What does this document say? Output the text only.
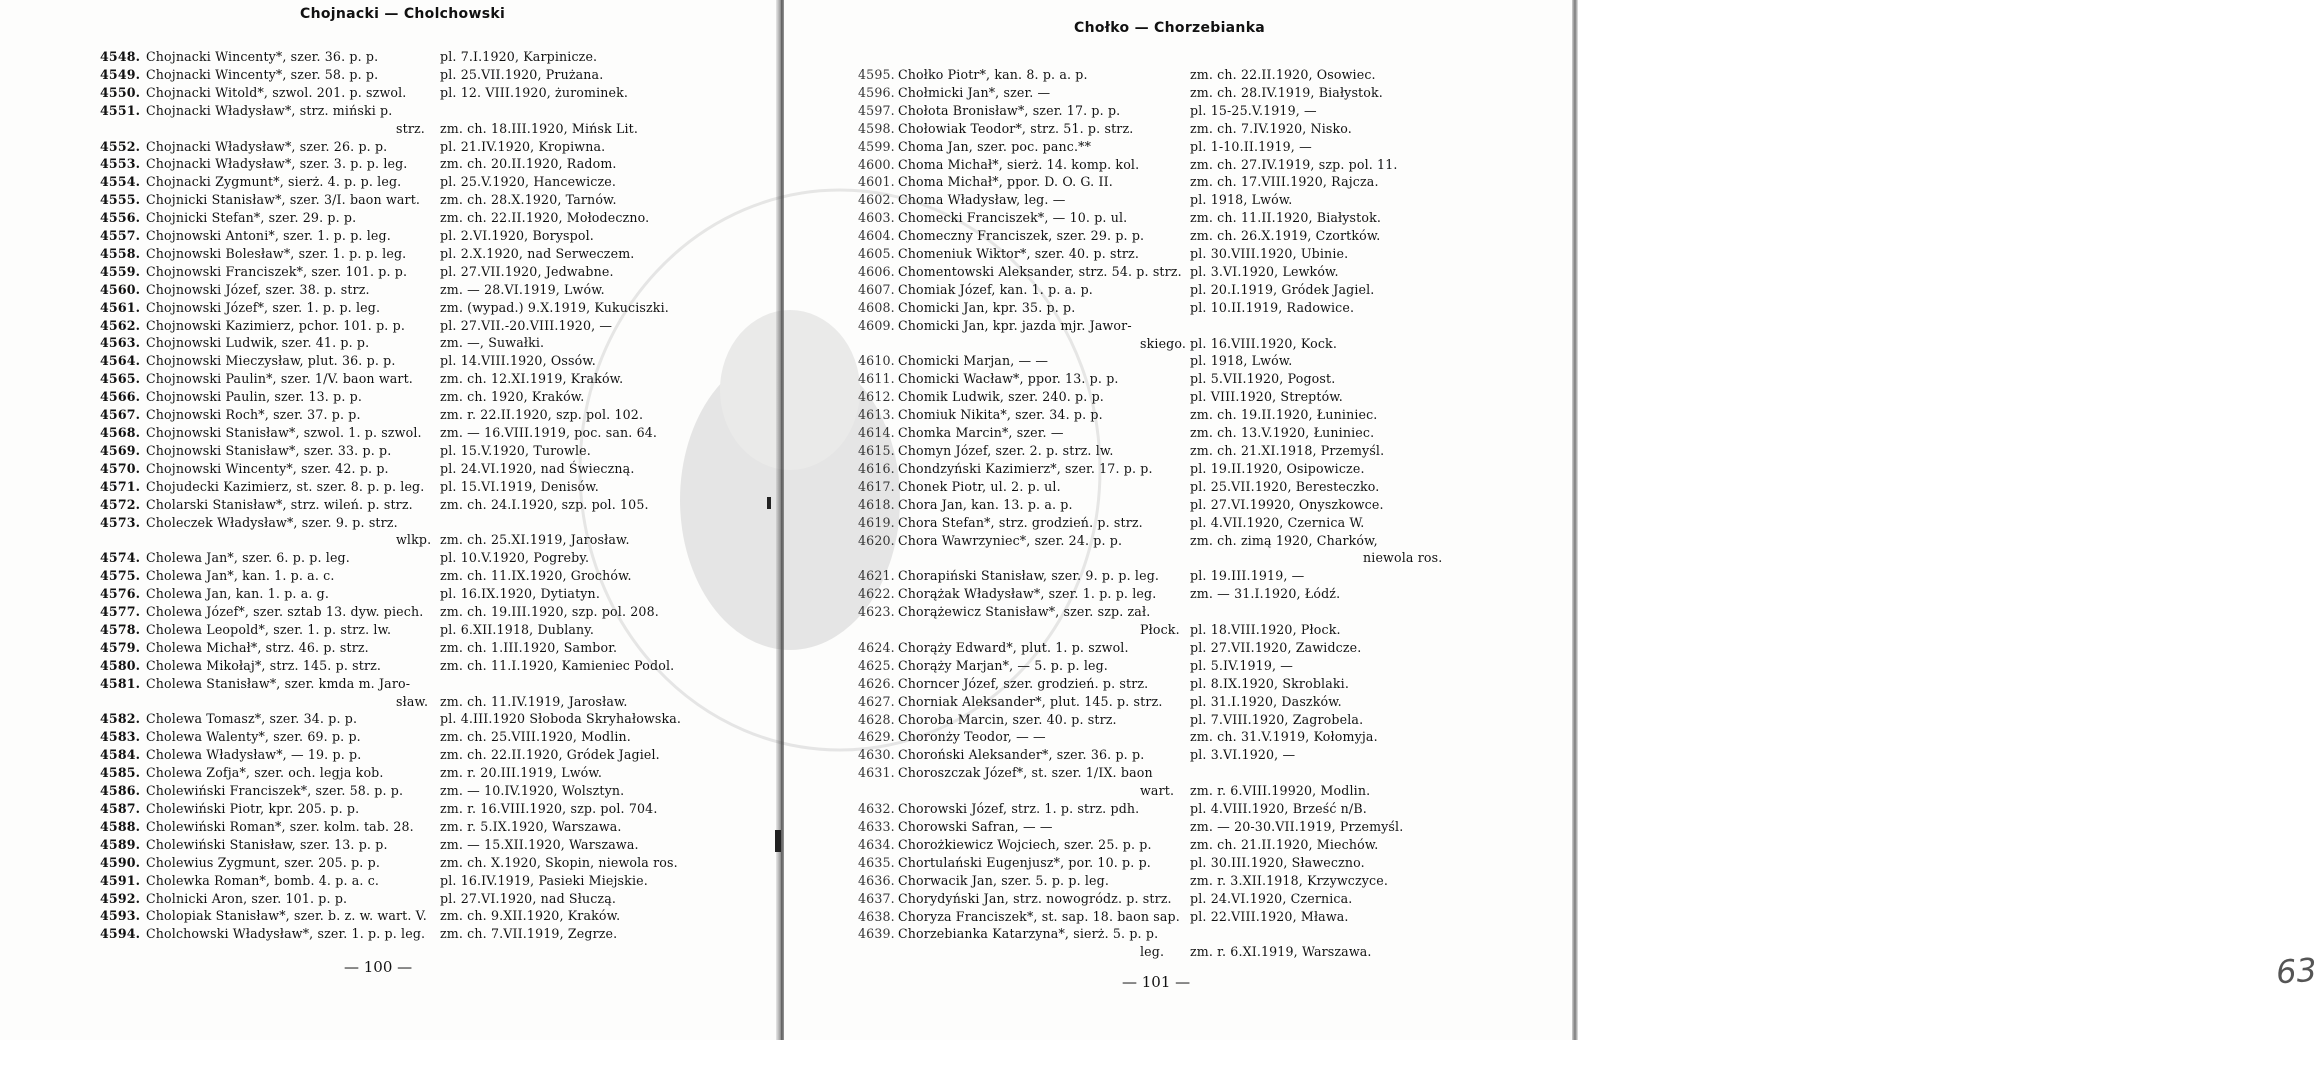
Chojnacki — Cholchowski
4548. Chojnacki Wincenty*, szer. 36. p. p.	pl. 7.I.1920, Karpinicze.
4549. Chojnacki Wincenty*, szer. 58. p. p.	pl. 25.VII.1920, Prużana.
4550. Chojnacki Witold*, szwol. 201. p. szwol.	pl. 12. VIII.1920, żurominek.
4551. Chojnacki Władysław*, strz. miński p.
strz. zm. ch. 18.III.1920, Mińsk Lit.
4552. Chojnacki Władysław*, szer. 26. p. p.	pl. 21.IV.1920, Kropiwna.
4553. Chojnacki Władysław*, szer. 3. p. p. leg.	zm. ch. 20.II.1920, Radom.
4554. Chojnacki Zygmunt*, sierż. 4. p. p. leg.	pl. 25.V.1920, Hancewicze.
4555. Chojnicki Stanisław*, szer. 3/I. baon wart. zm. ch. 28.X.1920, Tarnów.
4556. Chojnicki Stefan*, szer. 29. p. p.	zm. ch. 22.II.1920, Mołodeczno.
4557. Chojnowski Antoni*, szer. 1. p. p. leg.	pl. 2.VI.1920, Boryspol.
4558. Chojnowski Bolesław*, szer. 1. p. p. leg.	pl. 2.X.1920, nad Serweczem.
4559. Chojnowski Franciszek*, szer. 101. p. p.	pl. 27.VII.1920, Jedwabne.
4560. Chojnowski Józef, szer. 38. p. strz.	zm. — 28.VI.1919, Lwów.
4561. Chojnowski Józef*, szer. 1. p. p. leg.	zm. (wypad.) 9.X.1919, Kukuciszki.
4562. Chojnowski Kazimierz, pchor. 101. p. p.	pl. 27.VII.-20.VIII.1920, —
4563. Chojnowski Ludwik, szer. 41. p. p.	zm. —, Suwałki.
4564. Chojnowski Mieczysław, plut. 36. p. p.	pl. 14.VIII.1920, Ossów.
4565. Chojnowski Paulin*, szer. 1/V. baon wart. zm. ch. 12.XI.1919, Kraków.
4566. Chojnowski Paulin, szer. 13. p. p.	zm. ch. 1920, Kraków.
4567. Chojnowski Roch*, szer. 37. p. p.	zm. r. 22.II.1920, szp. pol. 102.
4568. Chojnowski Stanisław*, szwol. 1. p. szwol. zm. — 16.VIII.1919, poc. san. 64.
4569. Chojnowski Stanisław*, szer. 33. p. p.	pl. 15.V.1920, Turowle.
4570. Chojnowski Wincenty*, szer. 42. p. p.	pl. 24.VI.1920, nad Świeczną.
4571. Chojudecki Kazimierz, st. szer. 8. p. p. leg. pl. 15.VI.1919, Denisów.
4572. Cholarski Stanisław*, strz. wileń. p. strz. zm. ch. 24.I.1920, szp. pol. 105.
4573. Choleczek Władysław*, szer. 9. p. strz.
wlkp. zm. ch. 25.XI.1919, Jarosław.
4574. Cholewa Jan*, szer. 6. p. p. leg.	pl. 10.V.1920, Pogreby.
4575. Cholewa Jan*, kan. 1. p. a. c.	zm. ch. 11.IX.1920, Grochów.
4576. Cholewa Jan, kan. 1. p. a. g.	pl. 16.IX.1920, Dytiatyn.
4577. Cholewa Józef*, szer. sztab 13. dyw. piech. zm. ch. 19.III.1920, szp. pol. 208.
4578. Cholewa Leopold*, szer. 1. p. strz. lw.	pl. 6.XII.1918, Dublany.
4579. Cholewa Michał*, strz. 46. p. strz.	zm. ch. 1.III.1920, Sambor.
4580. Cholewa Mikołaj*, strz. 145. p. strz.	zm. ch. 11.I.1920, Kamieniec Podol.
4581. Cholewa Stanisław*, szer. kmda m. Jaro-
sław. zm. ch. 11.IV.1919, Jarosław.
4582. Cholewa Tomasz*, szer. 34. p. p.	pl. 4.III.1920 Słoboda Skryhałowska.
4583. Cholewa Walenty*, szer. 69. p. p.	zm. ch. 25.VIII.1920, Modlin.
4584. Cholewa Władysław*, — 19. p. p.	zm. ch. 22.II.1920, Gródek Jagiel.
4585. Cholewa Zofja*, szer. och. legja kob.	zm. r. 20.III.1919, Lwów.
4586. Cholewiński Franciszek*, szer. 58. p. p.	zm. — 10.IV.1920, Wolsztyn.
4587. Cholewiński Piotr, kpr. 205. p. p.	zm. r. 16.VIII.1920, szp. pol. 704.
4588. Cholewiński Roman*, szer. kolm. tab. 28. zm. r. 5.IX.1920, Warszawa.
4589. Cholewiński Stanisław, szer. 13. p. p.	zm. — 15.XII.1920, Warszawa.
4590. Cholewius Zygmunt, szer. 205. p. p.	zm. ch. X.1920, Skopin, niewola ros.
4591. Cholewka Roman*, bomb. 4. p. a. c.	pl. 16.IV.1919, Pasieki Miejskie.
4592. Cholnicki Aron, szer. 101. p. p.	pl. 27.VI.1920, nad Słuczą.
4593. Cholopiak Stanisław*, szer. b. z. w. wart. V. zm. ch. 9.XII.1920, Kraków.
4594. Cholchowski Władysław*, szer. 1. p. p. leg. zm. ch. 7.VII.1919, Zegrze.
— 100 —
Chołko — Chorzebianka
— 101 —	63
4595. Chołko Piotr*, kan. 8. p. a. p.	zm. ch. 22.II.1920, Osowiec.
4596. Chołmicki Jan*, szer. —	zm. ch. 28.IV.1919, Białystok.
4597. Chołota Bronisław*, szer. 17. p. p.	pl. 15-25.V.1919, —
4598. Chołowiak Teodor*, strz. 51. p. strz.	zm. ch. 7.IV.1920, Nisko.
4599. Choma Jan, szer. poc. panc.**	pl. 1-10.II.1919, —
4600. Choma Michał*, sierż. 14. komp. kol.	zm. ch. 27.IV.1919, szp. pol. 11.
4601. Choma Michał*, ppor. D. O. G. II.	zm. ch. 17.VIII.1920, Rajcza.
4602. Choma Władysław, leg. —	pl. 1918, Lwów.
4603. Chomecki Franciszek*, — 10. p. ul.	zm. ch. 11.II.1920, Białystok.
4604. Chomeczny Franciszek, szer. 29. p. p.	zm. ch. 26.X.1919, Czortków.
4605. Chomeniuk Wiktor*, szer. 40. p. strz.	pl. 30.VIII.1920, Ubinie.
4606. Chomentowski Aleksander, strz. 54. p. strz. pl. 3.VI.1920, Lewków.
4607. Chomiak Józef, kan. 1. p. a. p.	pl. 20.I.1919, Gródek Jagiel.
4608. Chomicki Jan, kpr. 35. p. p.	pl. 10.II.1919, Radowice.
4609. Chomicki Jan, kpr. jazda mjr. Jawor-
skiego. pl. 16.VIII.1920, Kock.
4610. Chomicki Marjan, — —	pl. 1918, Lwów.
4611. Chomicki Wacław*, ppor. 13. p. p.	pl. 5.VII.1920, Pogost.
4612. Chomik Ludwik, szer. 240. p. p.	pl. VIII.1920, Streptów.
4613. Chomiuk Nikita*, szer. 34. p. p.	zm. ch. 19.II.1920, Łuniniec.
4614. Chomka Marcin*, szer. —	zm. ch. 13.V.1920, Łuniniec.
4615. Chomyn Józef, szer. 2. p. strz. lw.	zm. ch. 21.XI.1918, Przemyśl.
4616. Chondzyński Kazimierz*, szer. 17. p. p.	pl. 19.II.1920, Osipowicze.
4617. Chonek Piotr, ul. 2. p. ul.	pl. 25.VII.1920, Beresteczko.
4618. Chora Jan, kan. 13. p. a. p.	pl. 27.VI.19920, Onyszkowce.
4619. Chora Stefan*, strz. grodzień. p. strz.	pl. 4.VII.1920, Czernica W.
4620. Chora Wawrzyniec*, szer. 24. p. p.	zm. ch. zimą 1920, Charków,
niewola ros.
4621. Chorapiński Stanisław, szer. 9. p. p. leg. pl. 19.III.1919, —
4622. Chorążak Władysław*, szer. 1. p. p. leg.	zm. — 31.I.1920, Łódź.
4623. Chorążewicz Stanisław*, szer. szp. zał.
Płock. pl. 18.VIII.1920, Płock.
4624. Chorąży Edward*, plut. 1. p. szwol.	pl. 27.VII.1920, Zawidcze.
4625. Chorąży Marjan*, — 5. p. p. leg.	pl. 5.IV.1919, —
4626. Chorncer Józef, szer. grodzień. p. strz.	pl. 8.IX.1920, Skroblaki.
4627. Chorniak Aleksander*, plut. 145. p. strz. pl. 31.I.1920, Daszków.
4628. Choroba Marcin, szer. 40. p. strz.	pl. 7.VIII.1920, Zagrobela.
4629. Choronży Teodor, — —	zm. ch. 31.V.1919, Kołomyja.
4630. Choroński Aleksander*, szer. 36. p. p.	pl. 3.VI.1920, —
4631. Choroszczak Józef*, st. szer. 1/IX. baon
wart. zm. r. 6.VIII.19920, Modlin.
4632. Chorowski Józef, strz. 1. p. strz. pdh.	pl. 4.VIII.1920, Brześć n/B.
4633. Chorowski Safran, — —	zm. — 20-30.VII.1919, Przemyśl.
4634. Chorożkiewicz Wojciech, szer. 25. p. p.	zm. ch. 21.II.1920, Miechów.
4635. Chortulański Eugenjusz*, por. 10. p. p.	pl. 30.III.1920, Sławeczno.
4636. Chorwacik Jan, szer. 5. p. p. leg.	zm. r. 3.XII.1918, Krzywczyce.
4637. Chorydyński Jan, strz. nowogródz. p. strz. pl. 24.VI.1920, Czernica.
4638. Choryza Franciszek*, st. sap. 18. baon sap. pl. 22.VIII.1920, Mława.
4639. Chorzebianka Katarzyna*, sierż. 5. p. p.
leg. zm. r. 6.XI.1919, Warszawa.
